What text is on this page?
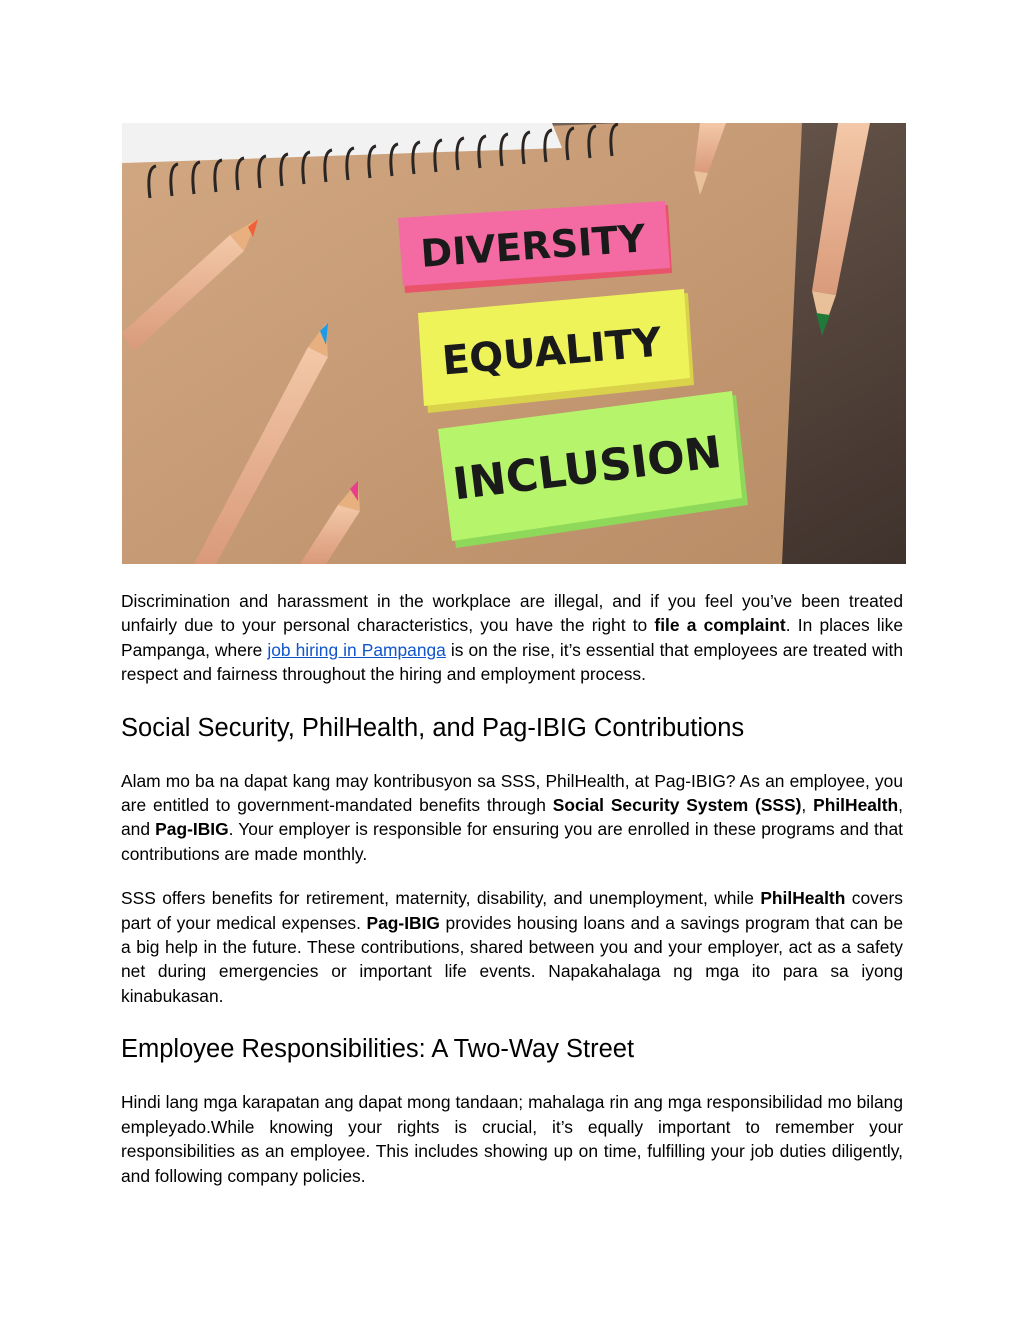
DIVERSITY
EQUALITY
INCLUSION

Discrimination and harassment in the workplace are illegal, and if you feel you’ve been treated unfairly due to your personal characteristics, you have the right to file a complaint. In places like Pampanga, where job hiring in Pampanga is on the rise, it’s essential that employees are treated with respect and fairness throughout the hiring and employment process.

Social Security, PhilHealth, and Pag-IBIG Contributions

Alam mo ba na dapat kang may kontribusyon sa SSS, PhilHealth, at Pag-IBIG? As an employee, you are entitled to government-mandated benefits through Social Security System (SSS), PhilHealth, and Pag-IBIG. Your employer is responsible for ensuring you are enrolled in these programs and that contributions are made monthly.

SSS offers benefits for retirement, maternity, disability, and unemployment, while PhilHealth covers part of your medical expenses. Pag-IBIG provides housing loans and a savings program that can be a big help in the future. These contributions, shared between you and your employer, act as a safety net during emergencies or important life events. Napakahalaga ng mga ito para sa iyong kinabukasan.

Employee Responsibilities: A Two-Way Street

Hindi lang mga karapatan ang dapat mong tandaan; mahalaga rin ang mga responsibilidad mo bilang empleyado.While knowing your rights is crucial, it’s equally important to remember your responsibilities as an employee. This includes showing up on time, fulfilling your job duties diligently, and following company policies.
